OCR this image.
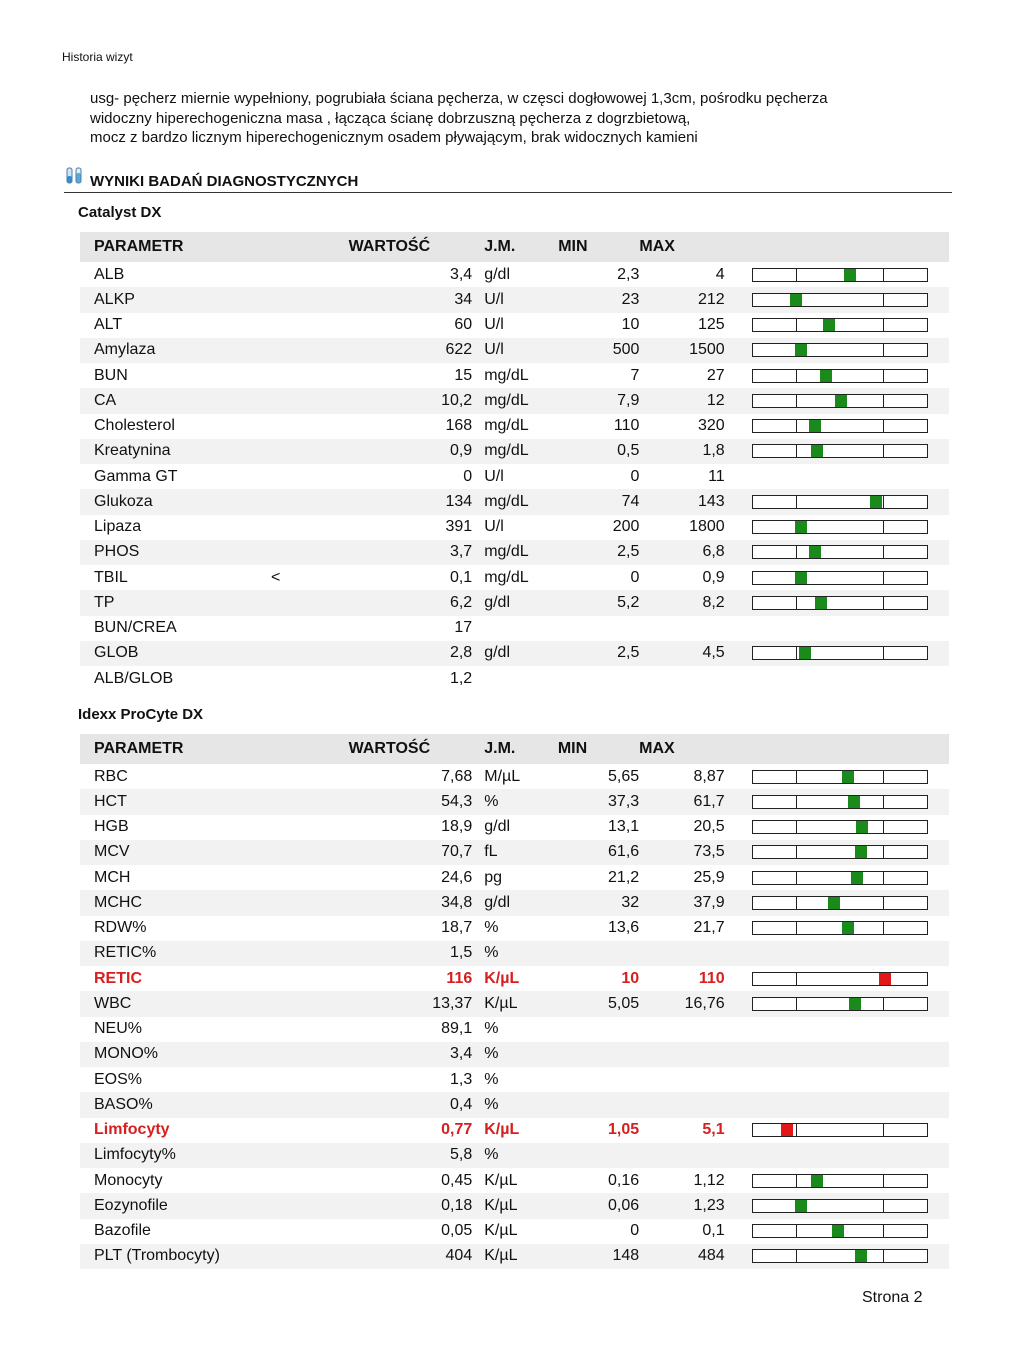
Historia wizyt
usg- pęcherz miernie wypełniony, pogrubiała ściana pęcherza, w częsci dogłowowej 1,3cm, pośrodku pęcherza
widoczny hiperechogeniczna masa , łącząca ścianę dobrzuszną pęcherza z dogrzbietową,
mocz z bardzo licznym hiperechogenicznym osadem pływającym, brak widocznych kamieni
WYNIKI BADAŃ DIAGNOSTYCZNYCH
Catalyst DX
PARAMETR		WARTOŚĆ	J.M.	MIN	MAX	
ALB		3,4	g/dl	2,3	4	

ALKP		34	U/l	23	212	

ALT		60	U/l	10	125	

Amylaza		622	U/l	500	1500	

BUN		15	mg/dL	7	27	

CA		10,2	mg/dL	7,9	12	

Cholesterol		168	mg/dL	110	320	

Kreatynina		0,9	mg/dL	0,5	1,8	

Gamma GT		0	U/l	0	11	
Glukoza		134	mg/dL	74	143	

Lipaza		391	U/l	200	1800	

PHOS		3,7	mg/dL	2,5	6,8	

TBIL	<	0,1	mg/dL	0	0,9	

TP		6,2	g/dl	5,2	8,2	

BUN/CREA		17				
GLOB		2,8	g/dl	2,5	4,5	

ALB/GLOB		1,2				
Idexx ProCyte DX
PARAMETR		WARTOŚĆ	J.M.	MIN	MAX	
RBC		7,68	M/µL	5,65	8,87	

HCT		54,3	%	37,3	61,7	

HGB		18,9	g/dl	13,1	20,5	

MCV		70,7	fL	61,6	73,5	

MCH		24,6	pg	21,2	25,9	

MCHC		34,8	g/dl	32	37,9	

RDW%		18,7	%	13,6	21,7	

RETIC%		1,5	%			
RETIC		116	K/µL	10	110	

WBC		13,37	K/µL	5,05	16,76	

NEU%		89,1	%			
MONO%		3,4	%			
EOS%		1,3	%			
BASO%		0,4	%			
Limfocyty		0,77	K/µL	1,05	5,1	

Limfocyty%		5,8	%			
Monocyty		0,45	K/µL	0,16	1,12	

Eozynofile		0,18	K/µL	0,06	1,23	

Bazofile		0,05	K/µL	0	0,1	

PLT (Trombocyty)		404	K/µL	148	484	
Strona 2
